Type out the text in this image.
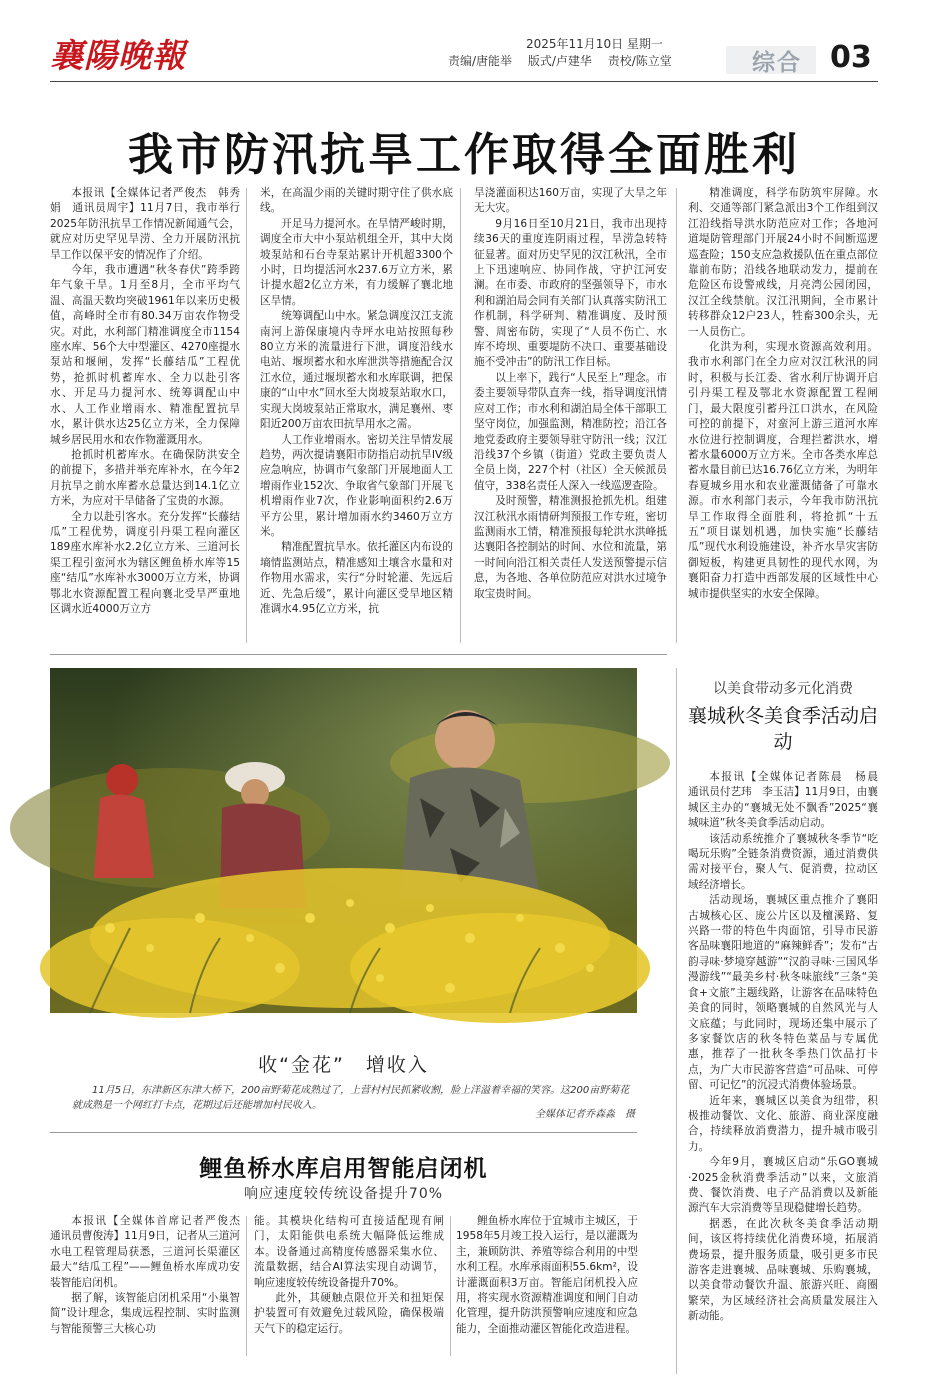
襄陽晚報	2025年11月10日 星期一
责编/唐能举 版式/卢建华 责校/陈立堂	综合 03
我市防汛抗旱工作取得全面胜利

本报讯【全媒体记者严俊杰　韩秀娟　通讯员周宇】11月7日，我市举行2025年防汛抗旱工作情况新闻通气会，就应对历史罕见旱涝、全力开展防汛抗旱工作以保平安的情况作了介绍。

今年，我市遭遇“秋冬春伏”跨季跨年气象干旱。1月至8月，全市平均气温、高温天数均突破1961年以来历史极值，高峰时全市有80.34万亩农作物受灾。对此，水利部门精准调度全市1154座水库、56个大中型灌区、4270座提水泵站和堰闸，发挥“长藤结瓜”工程优势，抢抓时机蓄库水、全力以赴引客水、开足马力提河水、统筹调配山中水、人工作业增雨水、精准配置抗旱水，累计供水达25亿立方米，全力保障城乡居民用水和农作物灌溉用水。

抢抓时机蓄库水。在确保防洪安全的前提下，多措并举充库补水，在今年2月抗旱之前水库蓄水总量达到14.1亿立方米，为应对干旱储备了宝贵的水源。

全力以赴引客水。充分发挥“长藤结瓜”工程优势，调度引丹渠工程向灌区189座水库补水2.2亿立方米、三道河长渠工程引蛮河水为辖区鲤鱼桥水库等15座“结瓜”水库补水3000万立方米，协调鄂北水资源配置工程向襄北受旱严重地区调水近4000万立方

米，在高温少雨的关键时期守住了供水底线。

开足马力提河水。在旱情严峻时期，调度全市大中小泵站机组全开，其中大岗坡泵站和石台寺泵站累计开机超3300个小时，日均提活河水237.6万立方米，累计提水超2亿立方米，有力缓解了襄北地区旱情。

统筹调配山中水。紧急调度汉江支流南河上游保康境内寺坪水电站按照每秒80立方米的流量进行下泄，调度沿线水电站、堰坝蓄水和水库泄洪等措施配合汉江水位，通过堰坝蓄水和水库联调，把保康的“山中水”回水至大岗坡泵站取水口，实现大岗坡泵站正常取水，满足襄州、枣阳近200万亩农田抗旱用水之需。

人工作业增雨水。密切关注旱情发展趋势，两次提请襄阳市防指启动抗旱IV级应急响应，协调市气象部门开展地面人工增雨作业152次、争取省气象部门开展飞机增雨作业7次，作业影响面积约2.6万平方公里，累计增加雨水约3460万立方米。

精准配置抗旱水。依托灌区内布设的墒情监测站点，精准感知土壤含水量和对作物用水需求，实行“分时轮灌、先远后近、先急后缓”，累计向灌区受旱地区精准调水4.95亿立方米，抗

旱浇灌面积达160万亩，实现了大旱之年无大灾。

9月16日至10月21日，我市出现持续36天的重度连阴雨过程，旱涝急转特征显著。面对历史罕见的汉江秋汛，全市上下迅速响应、协同作战，守护江河安澜。在市委、市政府的坚强领导下，市水利和湖泊局会同有关部门认真落实防汛工作机制，科学研判、精准调度、及时预警、周密布防，实现了“人员不伤亡、水库不垮坝、重要堤防不决口、重要基础设施不受冲击”的防汛工作目标。

以上率下，践行“人民至上”理念。市委主要领导带队直奔一线，指导调度汛情应对工作；市水利和湖泊局全体干部职工坚守岗位，加强监测，精准防控；沿江各地党委政府主要领导驻守防汛一线；汉江沿线37个乡镇（街道）党政主要负责人全员上岗，227个村（社区）全天候派员值守，338名责任人深入一线巡逻查险。

及时预警，精准测报抢抓先机。组建汉江秋汛水雨情研判预报工作专班，密切监测雨水工情，精准预报每轮洪水洪峰抵达襄阳各控制站的时间、水位和流量，第一时间向沿江相关责任人发送预警提示信息，为各地、各单位防范应对洪水过境争取宝贵时间。

精准调度，科学布防筑牢屏障。水利、交通等部门紧急派出3个工作组到汉江沿线指导洪水防范应对工作；各地河道堤防管理部门开展24小时不间断巡逻巡查险；150支应急救援队伍在重点部位靠前布防；沿线各地联动发力，提前在危险区布设警戒线，月亮湾公园闭园，汉江全线禁航。汉江汛期间，全市累计转移群众12户23人，牲畜300余头，无一人员伤亡。

化洪为利，实现水资源高效利用。我市水利部门在全力应对汉江秋汛的同时，积极与长江委、省水利厅协调开启引丹渠工程及鄂北水资源配置工程闸门，最大限度引蓄丹江口洪水，在风险可控的前提下，对蛮河上游三道河水库水位进行控制调度，合理拦蓄洪水，增蓄水量6000万立方米。全市各类水库总蓄水量目前已达16.76亿立方米，为明年春夏城乡用水和农业灌溉储备了可靠水源。市水利部门表示，今年我市防汛抗旱工作取得全面胜利，将抢抓“十五五”项目谋划机遇，加快实施“长藤结瓜”现代水利设施建设，补齐水旱灾害防御短板，构建更具韧性的现代水网，为襄阳奋力打造中西部发展的区域性中心城市提供坚实的水安全保障。

收“金花”　增收入
11月5日，东津新区东津大桥下，200亩野菊花成熟过了，上营村村民抓紧收割，脸上洋溢着幸福的笑容。这200亩野菊花就成熟是一个网红打卡点，花期过后还能增加村民收入。
全媒体记者乔森淼　摄
鲤鱼桥水库启用智能启闭机
响应速度较传统设备提升70%

本报讯【全媒体首席记者严俊杰　通讯员曹俊涛】11月9日，记者从三道河水电工程管理局获悉，三道河长渠灌区最大“结瓜工程”——鲤鱼桥水库成功安装智能启闭机。

据了解，该智能启闭机采用“小巢智简”设计理念，集成远程控制、实时监测与智能预警三大核心功

能。其模块化结构可直接适配现有闸门，太阳能供电系统大幅降低运维成本。设备通过高精度传感器采集水位、流量数据，结合AI算法实现自动调节，响应速度较传统设备提升70%。

此外，其硬触点限位开关和扭矩保护装置可有效避免过载风险，确保极端天气下的稳定运行。

鲤鱼桥水库位于宜城市主城区，于1958年5月竣工投入运行，是以灌溉为主，兼顾防洪、养殖等综合利用的中型水利工程。水库承雨面积55.6km²，设计灌溉面积3万亩。智能启闭机投入应用，将实现水资源精准调度和闸门自动化管理，提升防洪预警响应速度和应急能力，全面推动灌区智能化改造进程。

以美食带动多元化消费
襄城秋冬美食季活动启动

本报讯【全媒体记者陈晨　杨晨　通讯员付艺玮　李玉洁】11月9日，由襄城区主办的“襄城无处不飘香”2025“襄城味道”秋冬美食季活动启动。

该活动系统推介了襄城秋冬季节“吃喝玩乐购”全链条消费资源，通过消费供需对接平台，聚人气、促消费，拉动区域经济增长。

活动现场，襄城区重点推介了襄阳古城核心区、庞公片区以及檀溪路、复兴路一带的特色牛肉面馆，引导市民游客品味襄阳地道的“麻辣鲜香”；发布“古韵寻味·梦境穿越游”“汉韵寻味·三国风华漫游线”“最美乡村·秋冬味旅线”三条“美食+文旅”主题线路，让游客在品味特色美食的同时，领略襄城的自然风光与人文底蕴；与此同时，现场还集中展示了多家餐饮店的秋冬特色菜品与专属优惠，推荐了一批秋冬季热门饮品打卡点，为广大市民游客营造“可品味、可停留、可记忆”的沉浸式消费体验场景。

近年来，襄城区以美食为纽带，积极推动餐饮、文化、旅游、商业深度融合，持续释放消费潜力，提升城市吸引力。

今年9月，襄城区启动“乐GO襄城·2025金秋消费季活动”以来，文旅消费、餐饮消费、电子产品消费以及新能源汽车大宗消费等呈现稳健增长趋势。

据悉，在此次秋冬美食季活动期间，该区将持续优化消费环境，拓展消费场景，提升服务质量，吸引更多市民游客走进襄城、品味襄城、乐购襄城，以美食带动餐饮升温、旅游兴旺、商圈繁荣，为区域经济社会高质量发展注入新动能。
